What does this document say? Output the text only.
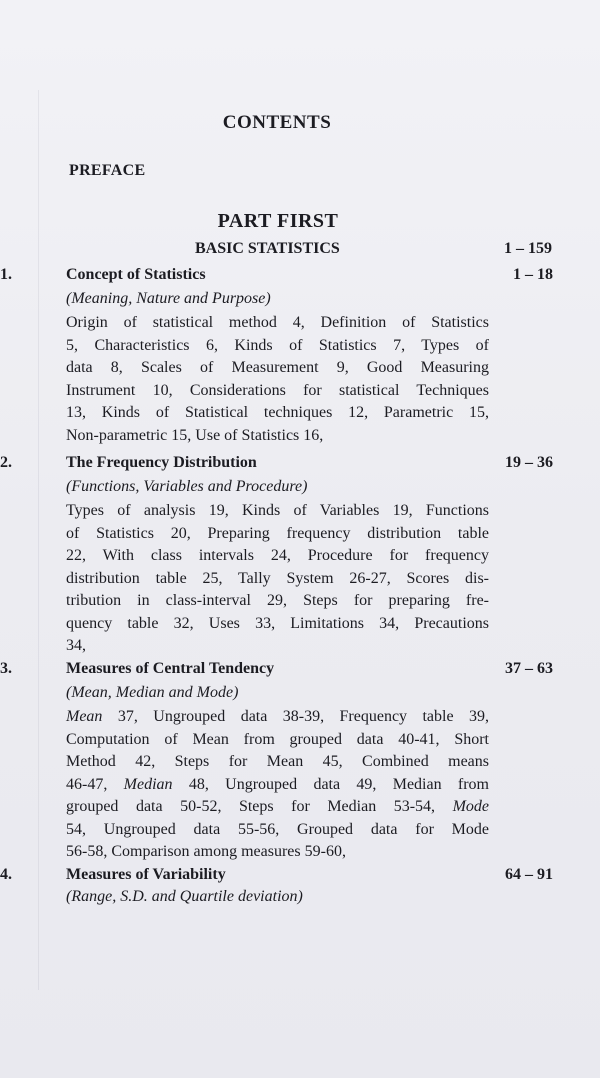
CONTENTS
PREFACE
PART FIRST
BASIC STATISTICS	1 – 159
1.	Concept of Statistics	1 – 18
(Meaning, Nature and Purpose)
Origin of statistical method 4, Definition of Statistics
5, Characteristics 6, Kinds of Statistics 7, Types of
data 8, Scales of Measurement 9, Good Measuring
Instrument 10, Considerations for statistical Techniques
13, Kinds of Statistical techniques 12, Parametric 15,
Non-parametric 15, Use of Statistics 16,
2.	The Frequency Distribution	19 – 36
(Functions, Variables and Procedure)
Types of analysis 19, Kinds of Variables 19, Functions
of Statistics 20, Preparing frequency distribution table
22, With class intervals 24, Procedure for frequency
distribution table 25, Tally System 26-27, Scores dis-
tribution in class-interval 29, Steps for preparing fre-
quency table 32, Uses 33, Limitations 34, Precautions
34,
3.	Measures of Central Tendency	37 – 63
(Mean, Median and Mode)
Mean 37, Ungrouped data 38-39, Frequency table 39,
Computation of Mean from grouped data 40-41, Short
Method 42, Steps for Mean 45, Combined means
46-47, Median 48, Ungrouped data 49, Median from
grouped data 50-52, Steps for Median 53-54, Mode
54, Ungrouped data 55-56, Grouped data for Mode
56-58, Comparison among measures 59-60,
4.	Measures of Variability	64 – 91
(Range, S.D. and Quartile deviation)
